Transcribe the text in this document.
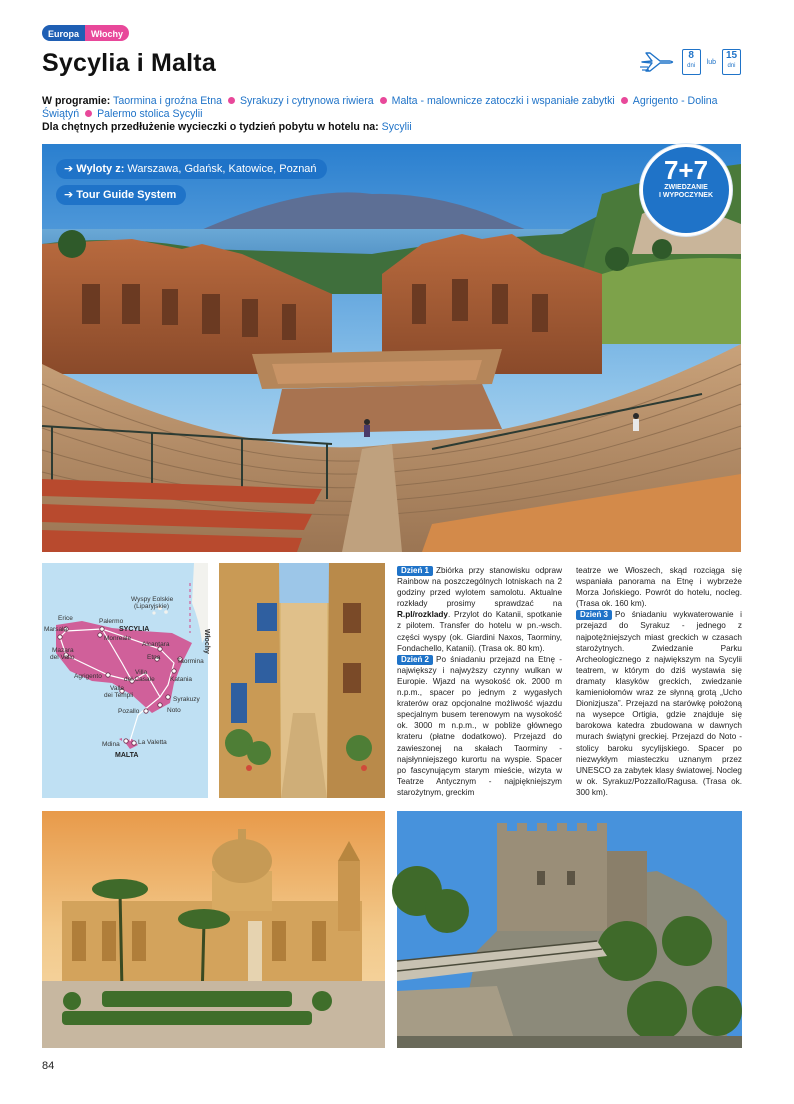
Europa	Włochy
Sycylia i Malta	8
dni
lub
15
dni
W programie: Taormina i groźna Etna Syrakuzy i cytrynowa riwiera Malta - malownicze zatoczki i wspaniałe zabytki Agrigento - Dolina Świątyń Palermo stolica Sycylii
Dla chętnych przedłużenie wycieczki o tydzień pobytu w hotelu na: Sycylii
➔ Wyloty z: Warszawa, Gdańsk, Katowice, Poznań
➔ Tour Guide System
7+7
ZWIEDZANIE
I WYPOCZYNEK
Wyspy Eolskie
(Liparyjskie)
Włochy
Erice
Marsala
Palermo
SYCYLIA
Monreale
Mazara
del Vallo
Alcantara
Etna
Taormina
Agrigento
Villa
del Casale Katania
Valle
dei Templi
Syrakuzy
Noto
Pozallo
Mdina	La Valetta
MALTA

Dzień 1 Zbiórka przy stanowisku odpraw Rainbow na poszczególnych lotniskach na 2 godziny przed wylotem samolotu. Aktualne rozkłady prosimy sprawdzać na R.pl/rozklady. Przylot do Katanii, spotkanie z pilotem. Transfer do hotelu w pn.-wsch. części wyspy (ok. Giardini Naxos, Taorminy, Fondachello, Katanii). (Trasa ok. 80 km).

Dzień 2 Po śniadaniu przejazd na Etnę - największy i najwyższy czynny wulkan w Europie. Wjazd na wysokość ok. 2000 m n.p.m., spacer po jednym z wygasłych kraterów oraz opcjonalne możliwość wjazdu specjalnym busem terenowym na wysokość ok. 3000 m n.p.m., w pobliże głównego krateru (płatne dodatkowo). Przejazd do zawieszonej na skałach Taorminy - najsłynniejszego kurortu na wyspie. Spacer po fascynującym starym mieście, wizyta w Teatrze Antycznym - najpiękniejszym starożytnym, greckim

teatrze we Włoszech, skąd rozciąga się wspaniała panorama na Etnę i wybrzeże Morza Jońskiego. Powrót do hotelu, nocleg. (Trasa ok. 160 km).

Dzień 3 Po śniadaniu wykwaterowanie i przejazd do Syrakuz - jednego z najpotężniejszych miast greckich w czasach starożytnych. Zwiedzanie Parku Archeologicznego z największym na Sycylii teatrem, w którym do dziś wystawia się dramaty klasyków greckich, zwiedzanie kamieniołomów wraz ze słynną grotą „Ucho Dionizjusza”. Przejazd na starówkę położoną na wysepce Ortigia, gdzie znajduje się barokowa katedra zbudowana w dawnych murach świątyni greckiej. Przejazd do Noto - stolicy baroku sycylijskiego. Spacer po niezwykłym miasteczku uznanym przez UNESCO za zabytek klasy światowej. Nocleg w ok. Syrakuz/Pozzallo/Ragusa. (Trasa ok. 300 km).

84
